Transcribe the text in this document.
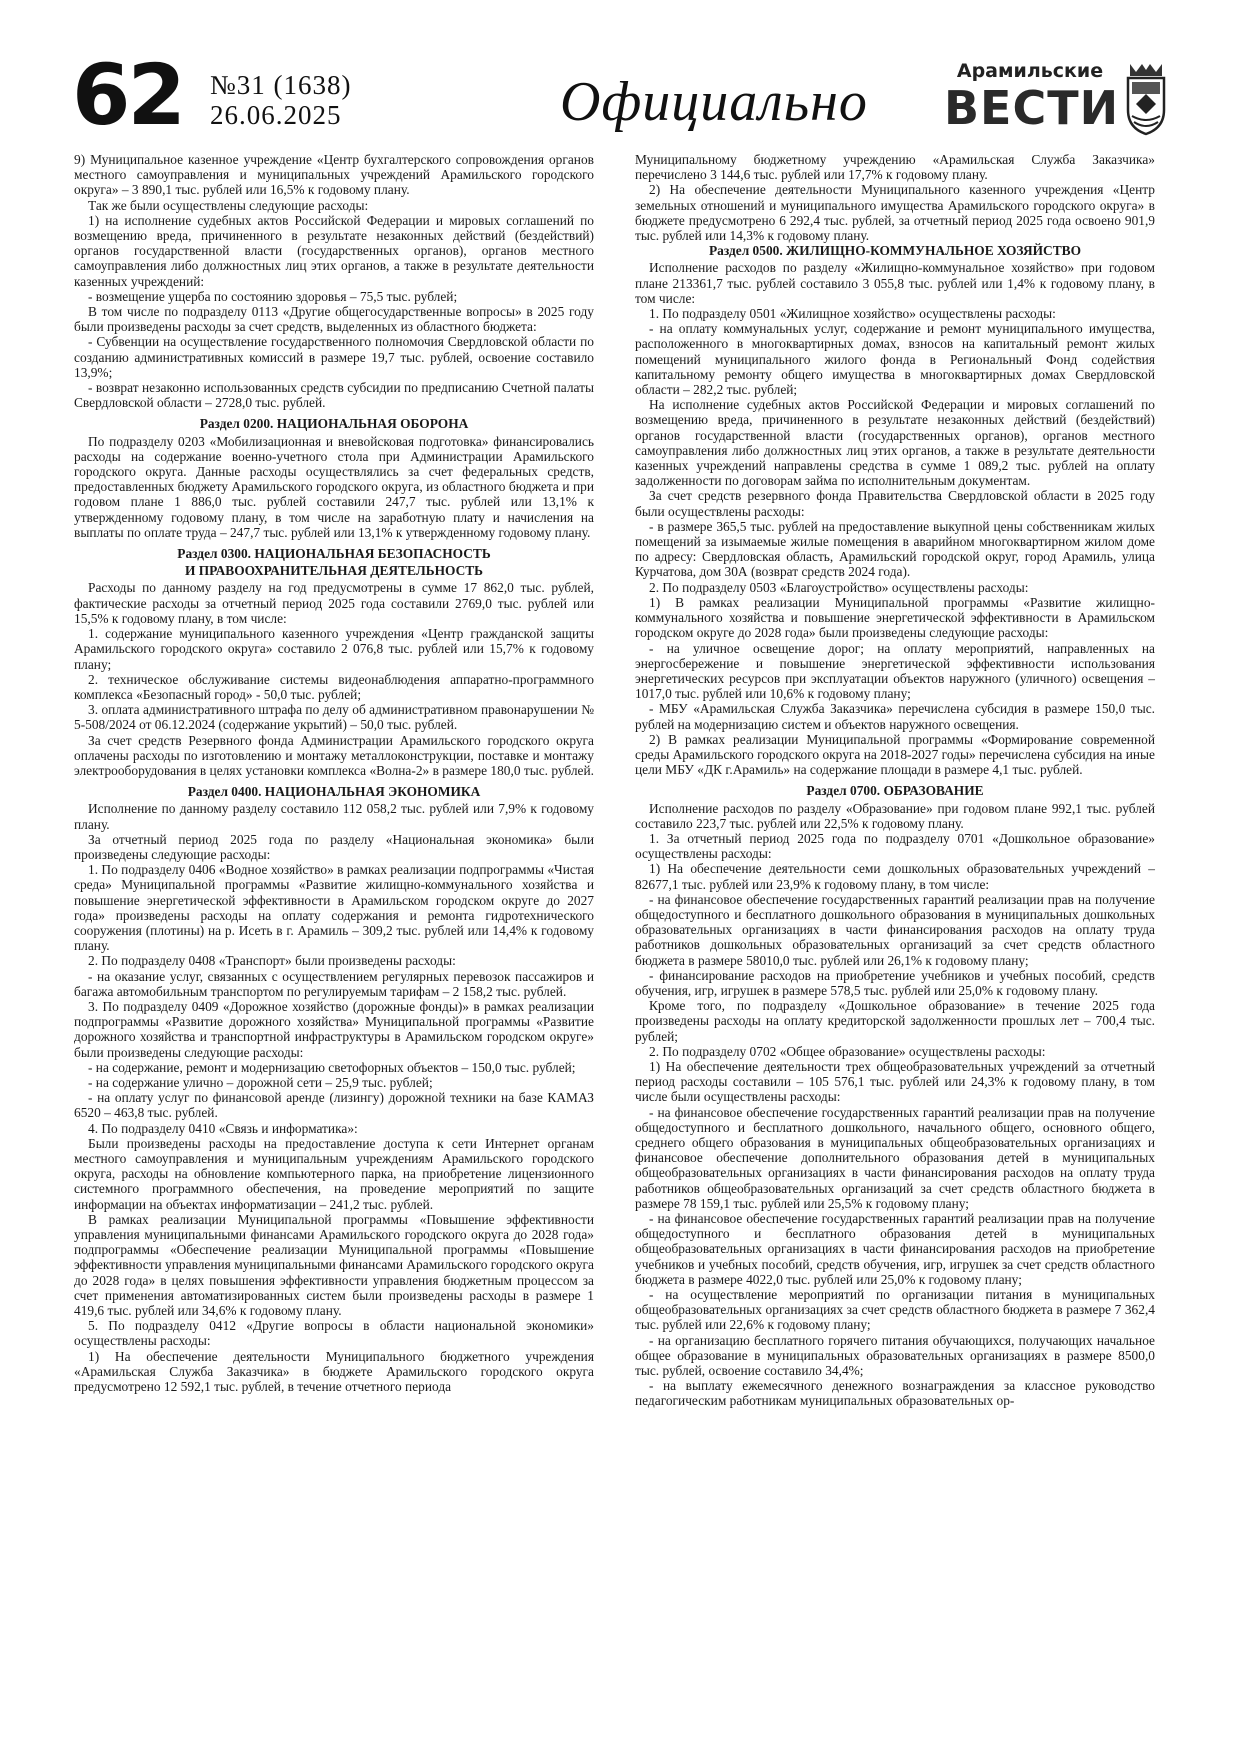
62 №31 (1638)
26.06.2025	Официально	Арамильские
ВЕСТИ

9) Муниципальное казенное учреждение «Центр бухгалтерского сопровождения органов местного самоуправления и муниципальных учреждений Арамильского городского округа» – 3 890,1 тыс. рублей или 16,5% к годовому плану.

Так же были осуществлены следующие расходы:

1) на исполнение судебных актов Российской Федерации и мировых соглашений по возмещению вреда, причиненного в результате незаконных действий (бездействий) органов государственной власти (государственных органов), органов местного самоуправления либо должностных лиц этих органов, а также в результате деятельности казенных учреждений:

- возмещение ущерба по состоянию здоровья – 75,5 тыс. рублей;

В том числе по подразделу 0113 «Другие общегосударственные вопросы» в 2025 году были произведены расходы за счет средств, выделенных из областного бюджета:

- Субвенции на осуществление государственного полномочия Свердловской области по созданию административных комиссий в размере 19,7 тыс. рублей, освоение составило 13,9%;

- возврат незаконно использованных средств субсидии по предписанию Счетной палаты Свердловской области – 2728,0 тыс. рублей.

Раздел 0200. НАЦИОНАЛЬНАЯ ОБОРОНА

По подразделу 0203 «Мобилизационная и вневойсковая подготовка» финансировались расходы на содержание военно-учетного стола при Администрации Арамильского городского округа. Данные расходы осуществлялись за счет федеральных средств, предоставленных бюджету Арамильского городского округа, из областного бюджета и при годовом плане 1 886,0 тыс. рублей составили 247,7 тыс. рублей или 13,1% к утвержденному годовому плану, в том числе на заработную плату и начисления на выплаты по оплате труда – 247,7 тыс. рублей или 13,1% к утвержденному годовому плану.

Раздел 0300. НАЦИОНАЛЬНАЯ БЕЗОПАСНОСТЬ
И ПРАВООХРАНИТЕЛЬНАЯ ДЕЯТЕЛЬНОСТЬ

Расходы по данному разделу на год предусмотрены в сумме 17 862,0 тыс. рублей, фактические расходы за отчетный период 2025 года составили 2769,0 тыс. рублей или 15,5% к годовому плану, в том числе:

1. содержание муниципального казенного учреждения «Центр гражданской защиты Арамильского городского округа» составило 2 076,8 тыс. рублей или 15,7% к годовому плану;

2. техническое обслуживание системы видеонаблюдения аппаратно-программного комплекса «Безопасный город» - 50,0 тыс. рублей;

3. оплата административного штрафа по делу об административном правонарушении № 5-508/2024 от 06.12.2024 (содержание укрытий) – 50,0 тыс. рублей.

За счет средств Резервного фонда Администрации Арамильского городского округа оплачены расходы по изготовлению и монтажу металлоконструкции, поставке и монтажу электрооборудования в целях установки комплекса «Волна-2» в размере 180,0 тыс. рублей.

Раздел 0400. НАЦИОНАЛЬНАЯ ЭКОНОМИКА

Исполнение по данному разделу составило 112 058,2 тыс. рублей или 7,9% к годовому плану.

За отчетный период 2025 года по разделу «Национальная экономика» были произведены следующие расходы:

1. По подразделу 0406 «Водное хозяйство» в рамках реализации подпрограммы «Чистая среда» Муниципальной программы «Развитие жилищно-коммунального хозяйства и повышение энергетической эффективности в Арамильском городском округе до 2027 года» произведены расходы на оплату содержания и ремонта гидротехнического сооружения (плотины) на р. Исеть в г. Арамиль – 309,2 тыс. рублей или 14,4% к годовому плану.

2. По подразделу 0408 «Транспорт» были произведены расходы:

- на оказание услуг, связанных с осуществлением регулярных перевозок пассажиров и багажа автомобильным транспортом по регулируемым тарифам – 2 158,2 тыс. рублей.

3. По подразделу 0409 «Дорожное хозяйство (дорожные фонды)» в рамках реализации подпрограммы «Развитие дорожного хозяйства» Муниципальной программы «Развитие дорожного хозяйства и транспортной инфраструктуры в Арамильском городском округе» были произведены следующие расходы:

- на содержание, ремонт и модернизацию светофорных объектов – 150,0 тыс. рублей;

- на содержание улично – дорожной сети – 25,9 тыс. рублей;

- на оплату услуг по финансовой аренде (лизингу) дорожной техники на базе КАМАЗ 6520 – 463,8 тыс. рублей.

4. По подразделу 0410 «Связь и информатика»:

Были произведены расходы на предоставление доступа к сети Интернет органам местного самоуправления и муниципальным учреждениям Арамильского городского округа, расходы на обновление компьютерного парка, на приобретение лицензионного системного программного обеспечения, на проведение мероприятий по защите информации на объектах информатизации – 241,2 тыс. рублей.

В рамках реализации Муниципальной программы «Повышение эффективности управления муниципальными финансами Арамильского городского округа до 2028 года» подпрограммы «Обеспечение реализации Муниципальной программы «Повышение эффективности управления муниципальными финансами Арамильского городского округа до 2028 года» в целях повышения эффективности управления бюджетным процессом за счет применения автоматизированных систем были произведены расходы в размере 1 419,6 тыс. рублей или 34,6% к годовому плану.

5. По подразделу 0412 «Другие вопросы в области национальной экономики» осуществлены расходы:

1) На обеспечение деятельности Муниципального бюджетного учреждения «Арамильская Служба Заказчика» в бюджете Арамильского городского округа предусмотрено 12 592,1 тыс. рублей, в течение отчетного периода

Муниципальному бюджетному учреждению «Арамильская Служба Заказчика» перечислено 3 144,6 тыс. рублей или 17,7% к годовому плану.

2) На обеспечение деятельности Муниципального казенного учреждения «Центр земельных отношений и муниципального имущества Арамильского городского округа» в бюджете предусмотрено 6 292,4 тыс. рублей, за отчетный период 2025 года освоено 901,9 тыс. рублей или 14,3% к годовому плану.

Раздел 0500. ЖИЛИЩНО-КОММУНАЛЬНОЕ ХОЗЯЙСТВО

Исполнение расходов по разделу «Жилищно-коммунальное хозяйство» при годовом плане 213361,7 тыс. рублей составило 3 055,8 тыс. рублей или 1,4% к годовому плану, в том числе:

1. По подразделу 0501 «Жилищное хозяйство» осуществлены расходы:

- на оплату коммунальных услуг, содержание и ремонт муниципального имущества, расположенного в многоквартирных домах, взносов на капитальный ремонт жилых помещений муниципального жилого фонда в Региональный Фонд содействия капитальному ремонту общего имущества в многоквартирных домах Свердловской области – 282,2 тыс. рублей;

На исполнение судебных актов Российской Федерации и мировых соглашений по возмещению вреда, причиненного в результате незаконных действий (бездействий) органов государственной власти (государственных органов), органов местного самоуправления либо должностных лиц этих органов, а также в результате деятельности казенных учреждений направлены средства в сумме 1 089,2 тыс. рублей на оплату задолженности по договорам займа по исполнительным документам.

За счет средств резервного фонда Правительства Свердловской области в 2025 году были осуществлены расходы:

- в размере 365,5 тыс. рублей на предоставление выкупной цены собственникам жилых помещений за изымаемые жилые помещения в аварийном многоквартирном жилом доме по адресу: Свердловская область, Арамильский городской округ, город Арамиль, улица Курчатова, дом 30А (возврат средств 2024 года).

2. По подразделу 0503 «Благоустройство» осуществлены расходы:

1) В рамках реализации Муниципальной программы «Развитие жилищно-коммунального хозяйства и повышение энергетической эффективности в Арамильском городском округе до 2028 года» были произведены следующие расходы:

- на уличное освещение дорог; на оплату мероприятий, направленных на энергосбережение и повышение энергетической эффективности использования энергетических ресурсов при эксплуатации объектов наружного (уличного) освещения – 1017,0 тыс. рублей или 10,6% к годовому плану;

- МБУ «Арамильская Служба Заказчика» перечислена субсидия в размере 150,0 тыс. рублей на модернизацию систем и объектов наружного освещения.

2) В рамках реализации Муниципальной программы «Формирование современной среды Арамильского городского округа на 2018-2027 годы» перечислена субсидия на иные цели МБУ «ДК г.Арамиль» на содержание площади в размере 4,1 тыс. рублей.

Раздел 0700. ОБРАЗОВАНИЕ

Исполнение расходов по разделу «Образование» при годовом плане 992,1 тыс. рублей составило 223,7 тыс. рублей или 22,5% к годовому плану.

1. За отчетный период 2025 года по подразделу 0701 «Дошкольное образование» осуществлены расходы:

1) На обеспечение деятельности семи дошкольных образовательных учреждений – 82677,1 тыс. рублей или 23,9% к годовому плану, в том числе:

- на финансовое обеспечение государственных гарантий реализации прав на получение общедоступного и бесплатного дошкольного образования в муниципальных дошкольных образовательных организациях в части финансирования расходов на оплату труда работников дошкольных образовательных организаций за счет средств областного бюджета в размере 58010,0 тыс. рублей или 26,1% к годовому плану;

- финансирование расходов на приобретение учебников и учебных пособий, средств обучения, игр, игрушек в размере 578,5 тыс. рублей или 25,0% к годовому плану.

Кроме того, по подразделу «Дошкольное образование» в течение 2025 года произведены расходы на оплату кредиторской задолженности прошлых лет – 700,4 тыс. рублей;

2. По подразделу 0702 «Общее образование» осуществлены расходы:

1) На обеспечение деятельности трех общеобразовательных учреждений за отчетный период расходы составили – 105 576,1 тыс. рублей или 24,3% к годовому плану, в том числе были осуществлены расходы:

- на финансовое обеспечение государственных гарантий реализации прав на получение общедоступного и бесплатного дошкольного, начального общего, основного общего, среднего общего образования в муниципальных общеобразовательных организациях и финансовое обеспечение дополнительного образования детей в муниципальных общеобразовательных организациях в части финансирования расходов на оплату труда работников общеобразовательных организаций за счет средств областного бюджета в размере 78 159,1 тыс. рублей или 25,5% к годовому плану;

- на финансовое обеспечение государственных гарантий реализации прав на получение общедоступного и бесплатного образования детей в муниципальных общеобразовательных организациях в части финансирования расходов на приобретение учебников и учебных пособий, средств обучения, игр, игрушек за счет средств областного бюджета в размере 4022,0 тыс. рублей или 25,0% к годовому плану;

- на осуществление мероприятий по организации питания в муниципальных общеобразовательных организациях за счет средств областного бюджета в размере 7 362,4 тыс. рублей или 22,6% к годовому плану;

- на организацию бесплатного горячего питания обучающихся, получающих начальное общее образование в муниципальных образовательных организациях в размере 8500,0 тыс. рублей, освоение составило 34,4%;

- на выплату ежемесячного денежного вознаграждения за классное руководство педагогическим работникам муниципальных образовательных ор-
